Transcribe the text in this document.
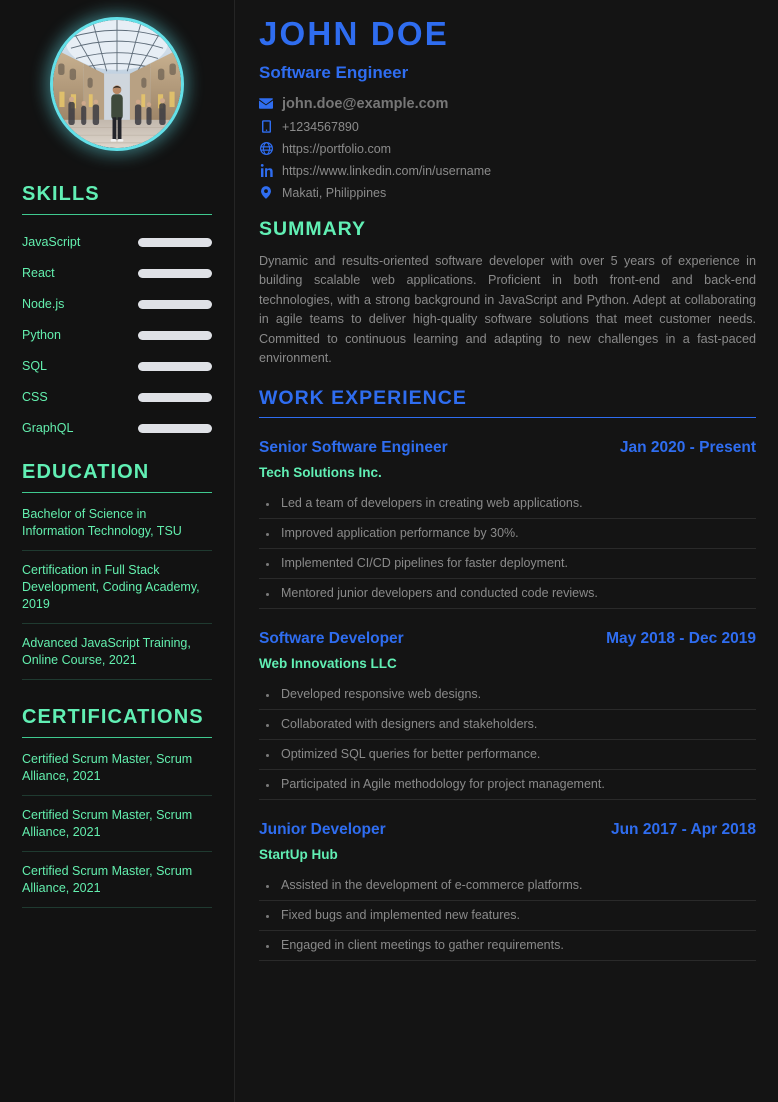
SKILLS
JavaScript
React
Node.js
Python
SQL
CSS
GraphQL
EDUCATION
Bachelor of Science in Information Technology, TSU
Certification in Full Stack Development, Coding Academy, 2019
Advanced JavaScript Training, Online Course, 2021
CERTIFICATIONS
Certified Scrum Master, Scrum Alliance, 2021
Certified Scrum Master, Scrum Alliance, 2021
Certified Scrum Master, Scrum Alliance, 2021
JOHN DOE
Software Engineer
john.doe@example.com
+1234567890
https://portfolio.com
https://www.linkedin.com/in/username
Makati, Philippines
SUMMARY

Dynamic and results-oriented software developer with over 5 years of experience in building scalable web applications. Proficient in both front-end and back-end technologies, with a strong background in JavaScript and Python. Adept at collaborating in agile teams to deliver high-quality software solutions that meet customer needs. Committed to continuous learning and adapting to new challenges in a fast-paced environment.

WORK EXPERIENCE
Senior Software Engineer	Jan 2020 - Present
Tech Solutions Inc.
Led a team of developers in creating web applications.
Improved application performance by 30%.
Implemented CI/CD pipelines for faster deployment.
Mentored junior developers and conducted code reviews.
Software Developer	May 2018 - Dec 2019
Web Innovations LLC
Developed responsive web designs.
Collaborated with designers and stakeholders.
Optimized SQL queries for better performance.
Participated in Agile methodology for project management.
Junior Developer	Jun 2017 - Apr 2018
StartUp Hub
Assisted in the development of e-commerce platforms.
Fixed bugs and implemented new features.
Engaged in client meetings to gather requirements.
